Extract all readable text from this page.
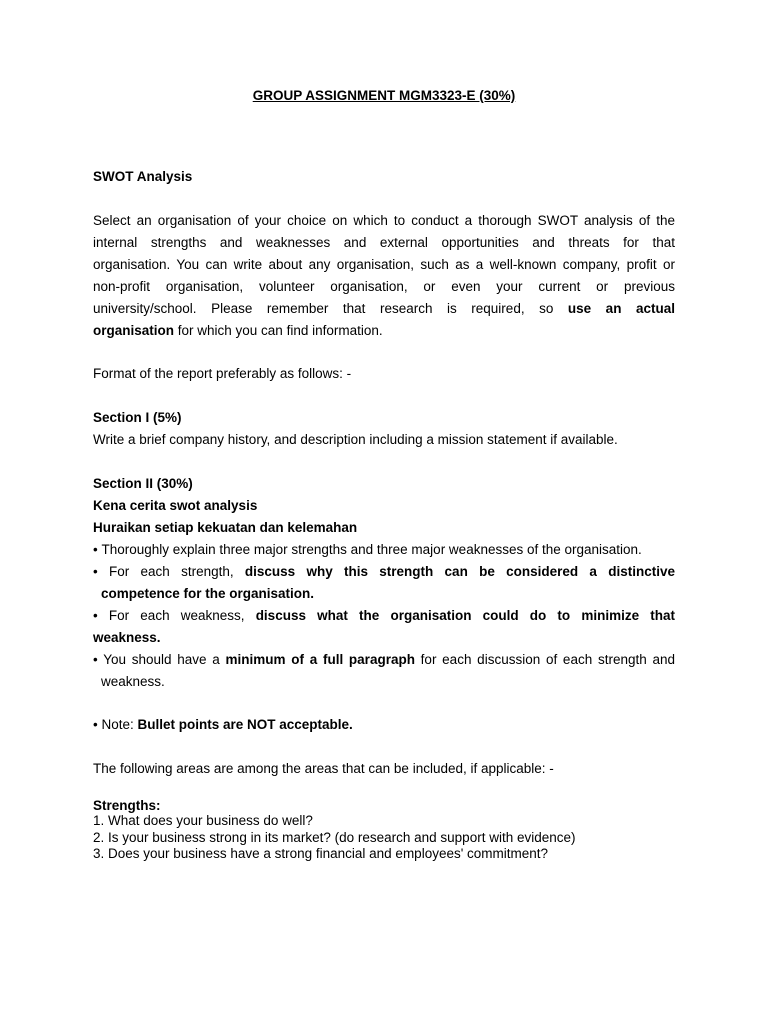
GROUP ASSIGNMENT MGM3323-E (30%)
SWOT Analysis
Select an organisation of your choice on which to conduct a thorough SWOT analysis of the
internal strengths and weaknesses and external opportunities and threats for that
organisation. You can write about any organisation, such as a well-known company, profit or
non-profit organisation, volunteer organisation, or even your current or previous
university/school. Please remember that research is required, so use an actual
organisation for which you can find information.
Format of the report preferably as follows: -
Section I (5%)
Write a brief company history, and description including a mission statement if available.
Section II (30%)
Kena cerita swot analysis
Huraikan setiap kekuatan dan kelemahan
• Thoroughly explain three major strengths and three major weaknesses of the organisation.
• For each strength, discuss why this strength can be considered a distinctive
competence for the organisation.
• For each weakness, discuss what the organisation could do to minimize that
weakness.
• You should have a minimum of a full paragraph for each discussion of each strength and
weakness.
• Note: Bullet points are NOT acceptable.
The following areas are among the areas that can be included, if applicable: -
Strengths:
1. What does your business do well?
2. Is your business strong in its market? (do research and support with evidence)
3. Does your business have a strong financial and employees' commitment?
